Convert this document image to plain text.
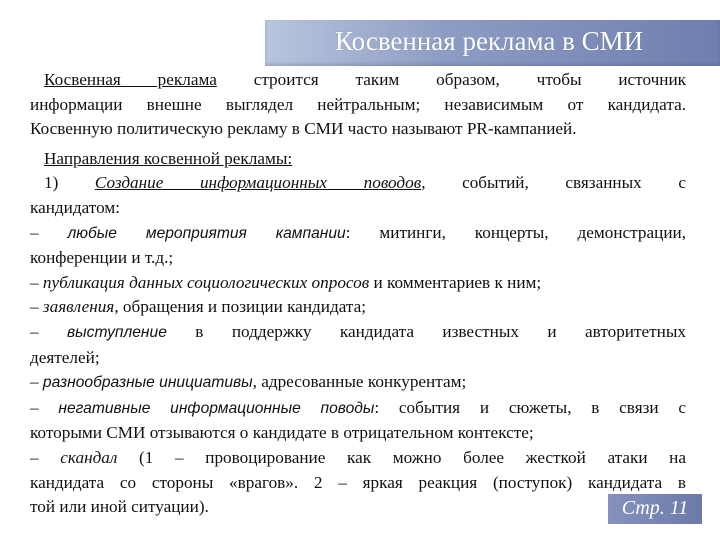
Косвенная реклама в СМИ
Косвенная реклама строится таким образом, чтобы источник
информации внешне выглядел нейтральным; независимым от кандидата.
Косвенную политическую рекламу в СМИ часто называют PR-кампанией.
Направления косвенной рекламы:
1) Создание информационных поводов, событий, связанных с
кандидатом:
– любые мероприятия кампании: митинги, концерты, демонстрации,
конференции и т.д.;
– публикация данных социологических опросов и комментариев к ним;
– заявления, обращения и позиции кандидата;
– выступление в поддержку кандидата известных и авторитетных
деятелей;
– разнообразные инициативы, адресованные конкурентам;
– негативные информационные поводы: события и сюжеты, в связи с
которыми СМИ отзываются о кандидате в отрицательном контексте;
– скандал (1 – провоцирование как можно более жесткой атаки на
кандидата со стороны «врагов». 2 – яркая реакция (поступок) кандидата в
той или иной ситуации).	Стр. 11
